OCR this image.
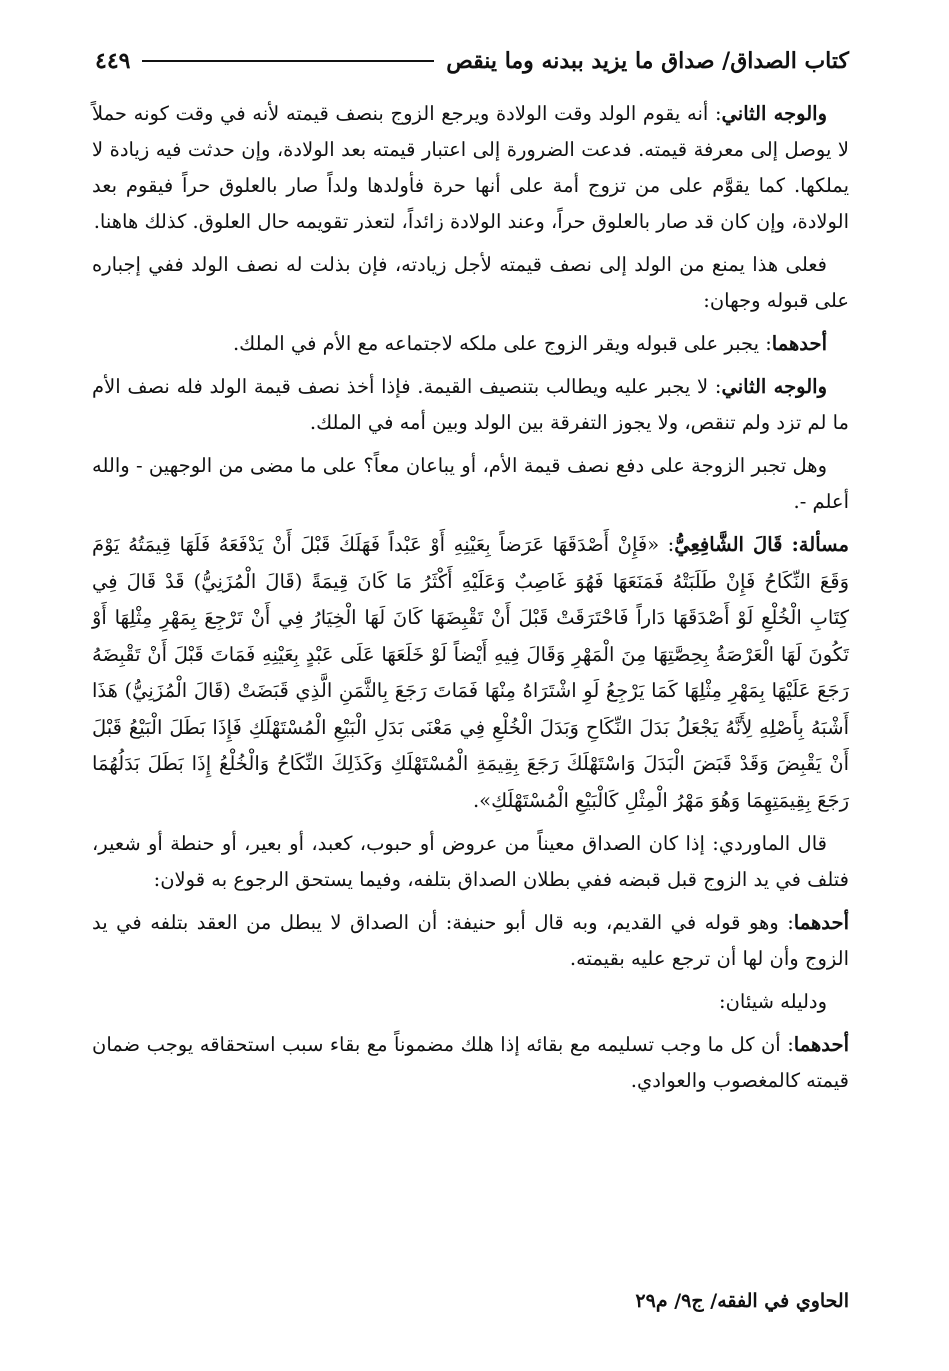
كتاب الصداق/ صداق ما يزيد ببدنه وما ينقص
٤٤٩

والوجه الثاني: أنه يقوم الولد وقت الولادة ويرجع الزوج بنصف قيمته لأنه في وقت كونه حملاً لا يوصل إلى معرفة قيمته. فدعت الضرورة إلى اعتبار قيمته بعد الولادة، وإن حدثت فيه زيادة لا يملكها. كما يقوَّم على من تزوج أمة على أنها حرة فأولدها ولداً صار بالعلوق حراً فيقوم بعد الولادة، وإن كان قد صار بالعلوق حراً، وعند الولادة زائداً، لتعذر تقويمه حال العلوق. كذلك هاهنا.

فعلى هذا يمنع من الولد إلى نصف قيمته لأجل زيادته، فإن بذلت له نصف الولد ففي إجباره على قبوله وجهان:

أحدهما: يجبر على قبوله ويقر الزوج على ملكه لاجتماعه مع الأم في الملك.

والوجه الثاني: لا يجبر عليه ويطالب بتنصيف القيمة. فإذا أخذ نصف قيمة الولد فله نصف الأم ما لم تزد ولم تنقص، ولا يجوز التفرقة بين الولد وبين أمه في الملك.

وهل تجبر الزوجة على دفع نصف قيمة الأم، أو يباعان معاً؟ على ما مضى من الوجهين - والله أعلم -.

مسألة: قَالَ الشَّافِعِيُّ: «فَإِنْ أَصْدَقَهَا عَرَضاً بِعَيْنِهِ أَوْ عَبْداً فَهَلَكَ قَبْلَ أَنْ يَدْفَعَهُ فَلَهَا قِيمَتُهُ يَوْمَ وَقَعَ النِّكَاحُ فَإِنْ طَلَبَتْهُ فَمَنَعَهَا فَهُوَ غَاصِبٌ وَعَلَيْهِ أَكْثَرُ مَا كَانَ قِيمَةً (قَالَ الْمُزَنِيُّ) قَدْ قَالَ فِي كِتَابِ الْخُلْعِ لَوْ أَصْدَقَهَا دَاراً فَاحْتَرَقَتْ قَبْلَ أَنْ تَقْبِضَهَا كَانَ لَهَا الْخِيَارُ فِي أَنْ تَرْجِعَ بِمَهْرِ مِثْلِهَا أَوْ تَكُونَ لَهَا الْعَرْصَةُ بِحِصَّتِهَا مِنَ الْمَهْرِ وَقَالَ فِيهِ أَيْضاً لَوْ خَلَعَهَا عَلَى عَبْدٍ بِعَيْنِهِ فَمَاتَ قَبْلَ أَنْ تَقْبِضَهُ رَجَعَ عَلَيْهَا بِمَهْرِ مِثْلِهَا كَمَا يَرْجِعُ لَوِ اشْتَرَاهُ مِنْهَا فَمَاتَ رَجَعَ بِالثَّمَنِ الَّذِي قَبَضَتْ (قَالَ الْمُزَنِيُّ) هَذَا أَشْبَهُ بِأَصْلِهِ لِأَنَّهُ يَجْعَلُ بَدَلَ النِّكَاحِ وَبَدَلَ الْخُلْعِ فِي مَعْنَى بَدَلِ الْبَيْعِ الْمُسْتَهْلَكِ فَإِذَا بَطَلَ الْبَيْعُ قَبْلَ أَنْ يَقْبِضَ وَقَدْ قَبَضَ الْبَدَلَ وَاسْتَهْلَكَ رَجَعَ بِقِيمَةِ الْمُسْتَهْلَكِ وَكَذَلِكَ النِّكَاحُ وَالْخُلْعُ إِذَا بَطَلَ بَدَلُهُمَا رَجَعَ بِقِيمَتِهِمَا وَهُوَ مَهْرُ الْمِثْلِ كَالْبَيْعِ الْمُسْتَهْلَكِ».

قال الماوردي: إذا كان الصداق معيناً من عروض أو حبوب، كعبد، أو بعير، أو حنطة أو شعير، فتلف في يد الزوج قبل قبضه ففي بطلان الصداق بتلفه، وفيما يستحق الرجوع به قولان:

أحدهما: وهو قوله في القديم، وبه قال أبو حنيفة: أن الصداق لا يبطل من العقد بتلفه في يد الزوج وأن لها أن ترجع عليه بقيمته.

ودليله شيئان:

أحدهما: أن كل ما وجب تسليمه مع بقائه إذا هلك مضموناً مع بقاء سبب استحقاقه يوجب ضمان قيمته كالمغصوب والعوادي.

الحاوي في الفقه/ ج٩/ م٢٩
